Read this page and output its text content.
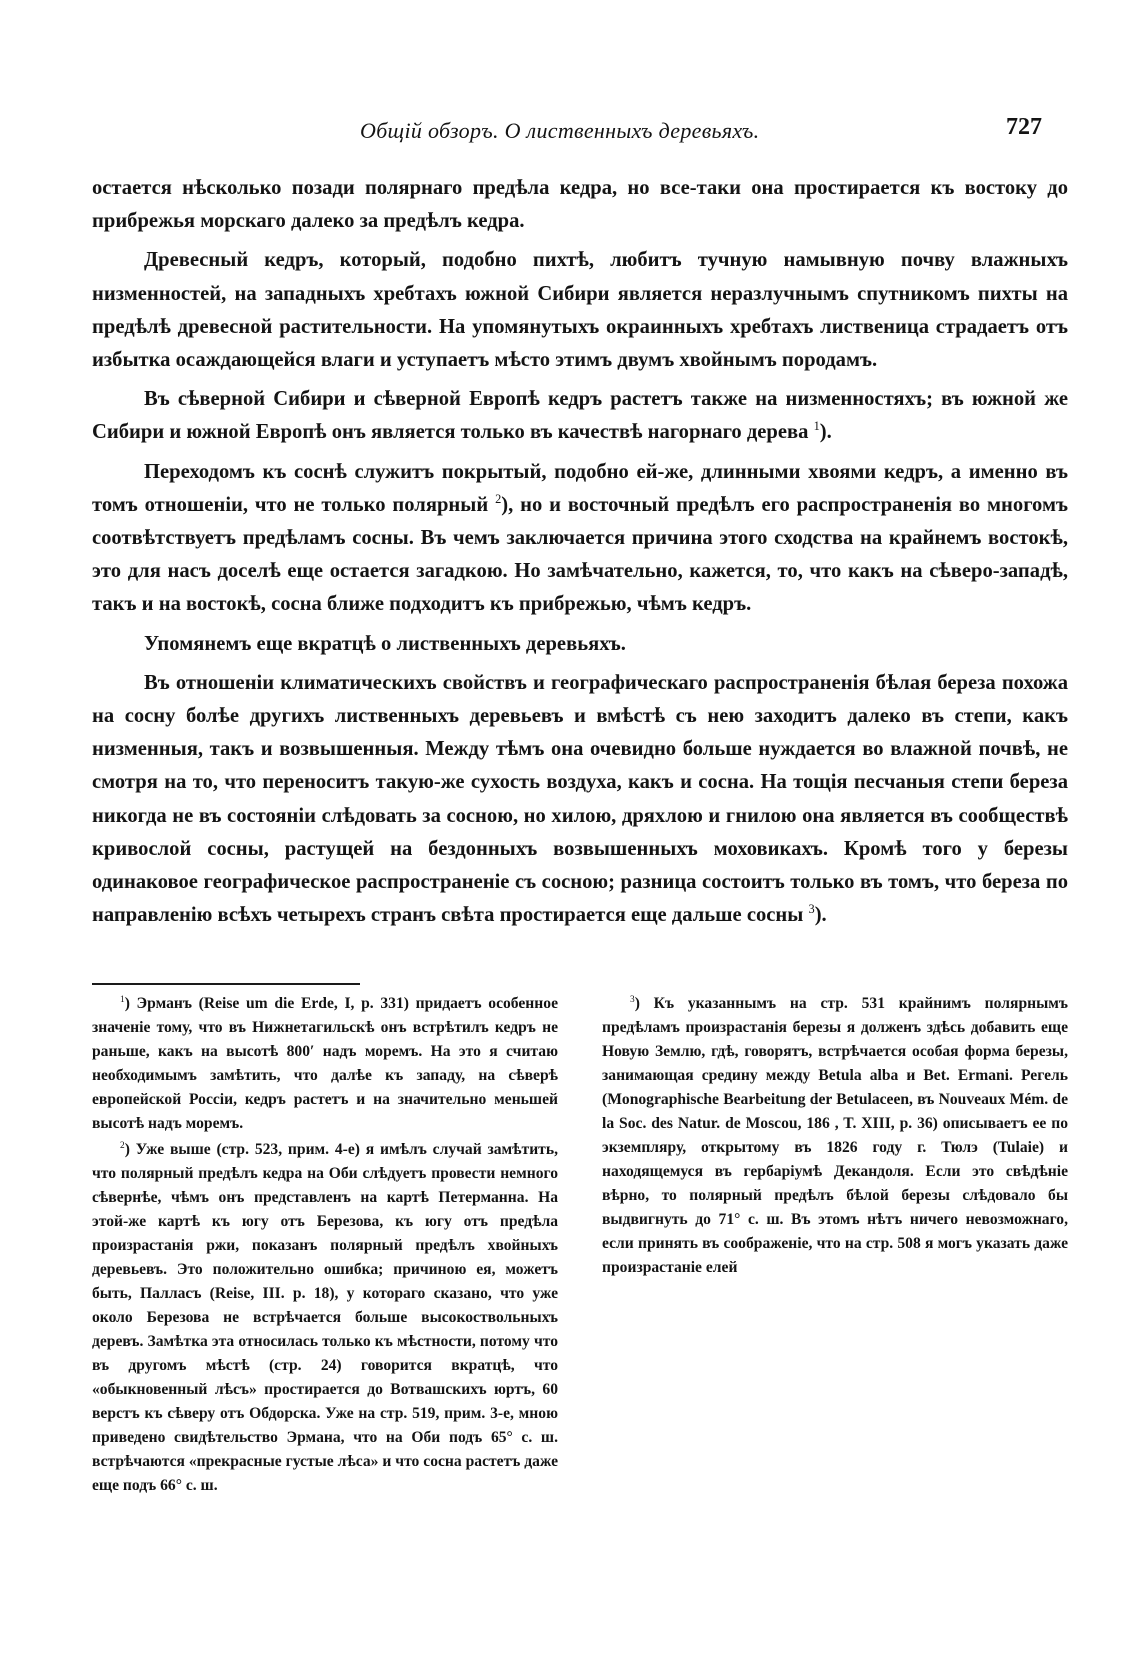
Общiй обзоръ. О лиственныхъ деревьяхъ.	727

остается нѣсколько позади полярнаго предѣла кедра, но все-таки она простирается къ востоку до прибрежья морскаго далеко за предѣлъ кедра.

Древесный кедръ, который, подобно пихтѣ, любитъ тучную намывную почву влажныхъ низменностей, на западныхъ хребтахъ южной Сибири является неразлучнымъ спутникомъ пихты на предѣлѣ древесной растительности. На упомянутыхъ окраинныхъ хребтахъ лиственица страдаетъ отъ избытка осаждающейся влаги и уступаетъ мѣсто этимъ двумъ хвойнымъ породамъ.

Въ сѣверной Сибири и сѣверной Европѣ кедръ растетъ также на низменностяхъ; въ южной же Сибири и южной Европѣ онъ является только въ качествѣ нагорнаго дерева $^1$).

Переходомъ къ соснѣ служитъ покрытый, подобно ей-же, длинными хвоями кедръ, а именно въ томъ отношенiи, что не только полярный $^2$), но и восточный предѣлъ его распространенiя во многомъ соотвѣтствуетъ предѣламъ сосны. Въ чемъ заключается причина этого сходства на крайнемъ востокѣ, это для насъ доселѣ еще остается загадкою. Но замѣчательно, кажется, то, что какъ на сѣверо-западѣ, такъ и на востокѣ, сосна ближе подходитъ къ прибрежью, чѣмъ кедръ.

Упомянемъ еще вкратцѣ о лиственныхъ деревьяхъ.

Въ отношенiи климатическихъ свойствъ и географическаго распространенiя бѣлая береза похожа на сосну болѣе другихъ лиственныхъ деревьевъ и вмѣстѣ съ нею заходитъ далеко въ степи, какъ низменныя, такъ и возвышенныя. Между тѣмъ она очевидно больше нуждается во влажной почвѣ, не смотря на то, что переноситъ такую-же сухость воздуха, какъ и сосна. На тощiя песчаныя степи береза никогда не въ состоянiи слѣдовать за сосною, но хилою, дряхлою и гнилою она является въ сообществѣ кривослой сосны, растущей на бездонныхъ возвышенныхъ моховикахъ. Кромѣ того у березы одинаковое географическое распространенiе съ сосною; разница состоитъ только въ томъ, что береза по направленiю всѣхъ четырехъ странъ свѣта простирается еще дальше сосны $^3$).

$^1$) Эрманъ (Reise um die Erde, I, p. 331) придаетъ особенное значенiе тому, что въ Нижнетагильскѣ онъ встрѣтилъ кедръ не раньше, какъ на высотѣ 800′ надъ моремъ. На это я считаю необходимымъ замѣтить, что далѣе къ западу, на сѣверѣ европейской Россiи, кедръ растетъ и на значительно меньшей высотѣ надъ моремъ.

$^2$) Уже выше (стр. 523, прим. 4-е) я имѣлъ случай замѣтить, что полярный предѣлъ кедра на Оби слѣдуетъ провести немного сѣвернѣе, чѣмъ онъ представленъ на картѣ Петерманна. На этой-же картѣ къ югу отъ Березова, къ югу отъ предѣла произрастанiя ржи, показанъ полярный предѣлъ хвойныхъ деревьевъ. Это положительно ошибка; причиною ея, можетъ быть, Палласъ (Reise, III. p. 18), у котораго сказано, что уже около Березова не встрѣчается больше высокоствольныхъ деревъ. Замѣтка эта относилась только къ мѣстности, потому что въ другомъ мѣстѣ (стр. 24) говорится вкратцѣ, что «обыкновенный лѣсъ» простирается до Вотвашскихъ юртъ, 60 верстъ къ сѣверу отъ Обдорска. Уже на стр. 519, прим. 3-е, мною приведено свидѣтельство Эрмана, что на Оби подъ 65° с. ш. встрѣчаются «прекрасные густые лѣса» и что сосна растетъ даже еще подъ 66° с. ш.

$^3$) Къ указаннымъ на стр. 531 крайнимъ полярнымъ предѣламъ произрастанiя березы я долженъ здѣсь добавить еще Новую Землю, гдѣ, говорятъ, встрѣчается особая форма березы, занимающая средину между Betula alba и Bet. Ermani. Регель (Monographische Bearbeitung der Betulaceen, въ Nouveaux Mém. de la Soc. des Natur. de Moscou, 186 , T. XIII, p. 36) описываетъ ее по экземпляру, открытому въ 1826 году г. Тюлэ (Tulaie) и находящемуся въ гербарiумѣ Декандоля. Если это свѣдѣнiе вѣрно, то полярный предѣлъ бѣлой березы слѣдовало бы выдвигнуть до 71° с. ш. Въ этомъ нѣтъ ничего невозможнаго, если принять въ соображенiе, что на стр. 508 я могъ указать даже произрастанiе елей
